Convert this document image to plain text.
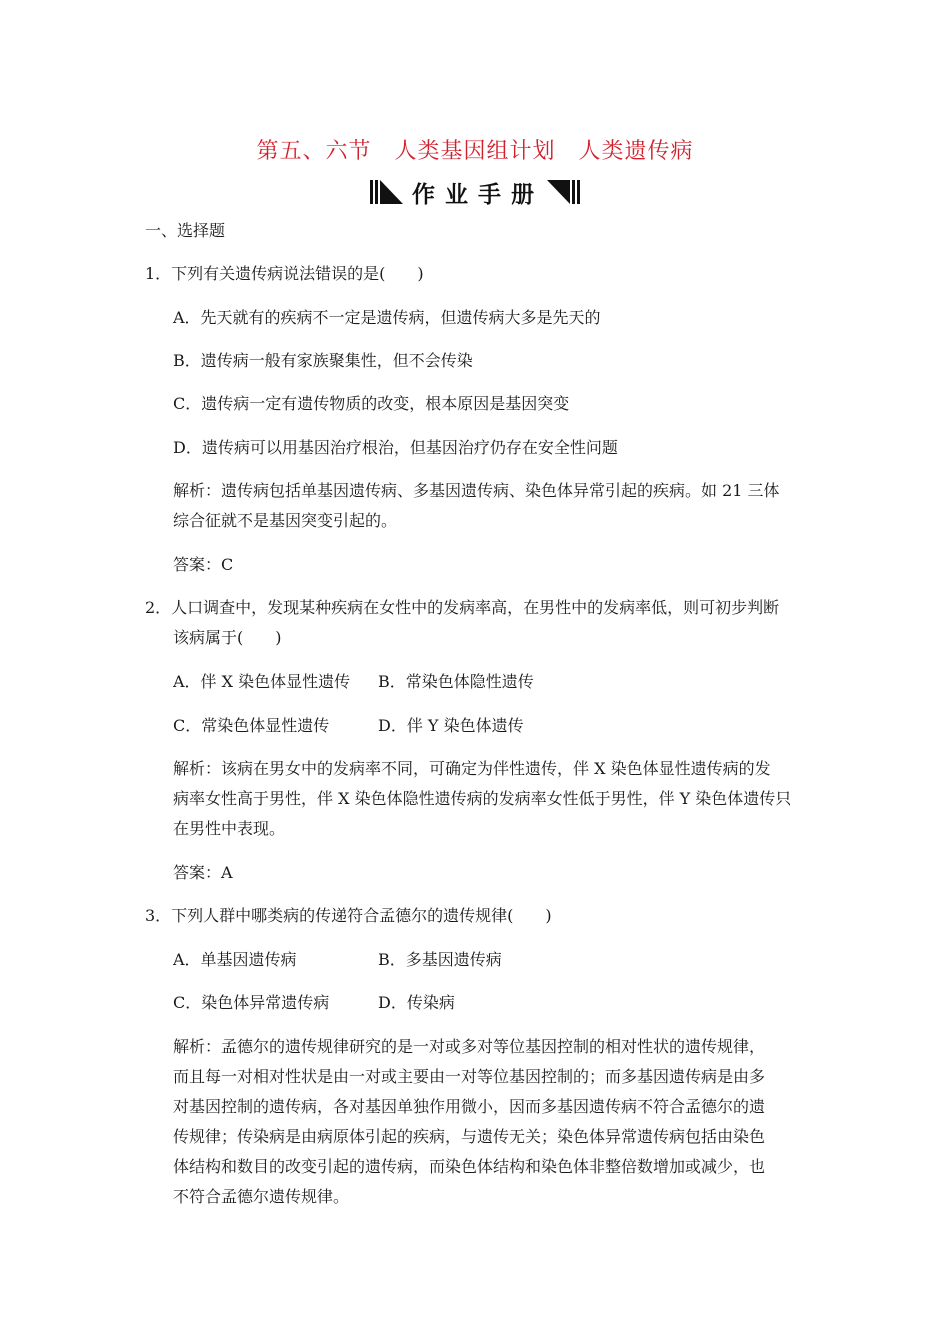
第五、六节　人类基因组计划　人类遗传病
作业手册
一、选择题
1．下列有关遗传病说法错误的是(　　)
A．先天就有的疾病不一定是遗传病，但遗传病大多是先天的
B．遗传病一般有家族聚集性，但不会传染
C．遗传病一定有遗传物质的改变，根本原因是基因突变
D．遗传病可以用基因治疗根治，但基因治疗仍存在安全性问题
解析：遗传病包括单基因遗传病、多基因遗传病、染色体异常引起的疾病。如 21 三体
综合征就不是基因突变引起的。
答案：C
2．人口调查中，发现某种疾病在女性中的发病率高，在男性中的发病率低，则可初步判断
该病属于(　　)
A．伴 X 染色体显性遗传 B．常染色体隐性遗传
C．常染色体显性遗传	D．伴 Y 染色体遗传
解析：该病在男女中的发病率不同，可确定为伴性遗传，伴 X 染色体显性遗传病的发
病率女性高于男性，伴 X 染色体隐性遗传病的发病率女性低于男性，伴 Y 染色体遗传只
在男性中表现。
答案：A
3．下列人群中哪类病的传递符合孟德尔的遗传规律(　　)
A．单基因遗传病	B．多基因遗传病
C．染色体异常遗传病	D．传染病
解析：孟德尔的遗传规律研究的是一对或多对等位基因控制的相对性状的遗传规律，
而且每一对相对性状是由一对或主要由一对等位基因控制的；而多基因遗传病是由多
对基因控制的遗传病，各对基因单独作用微小，因而多基因遗传病不符合孟德尔的遗
传规律；传染病是由病原体引起的疾病，与遗传无关；染色体异常遗传病包括由染色
体结构和数目的改变引起的遗传病，而染色体结构和染色体非整倍数增加或减少，也
不符合孟德尔遗传规律。
